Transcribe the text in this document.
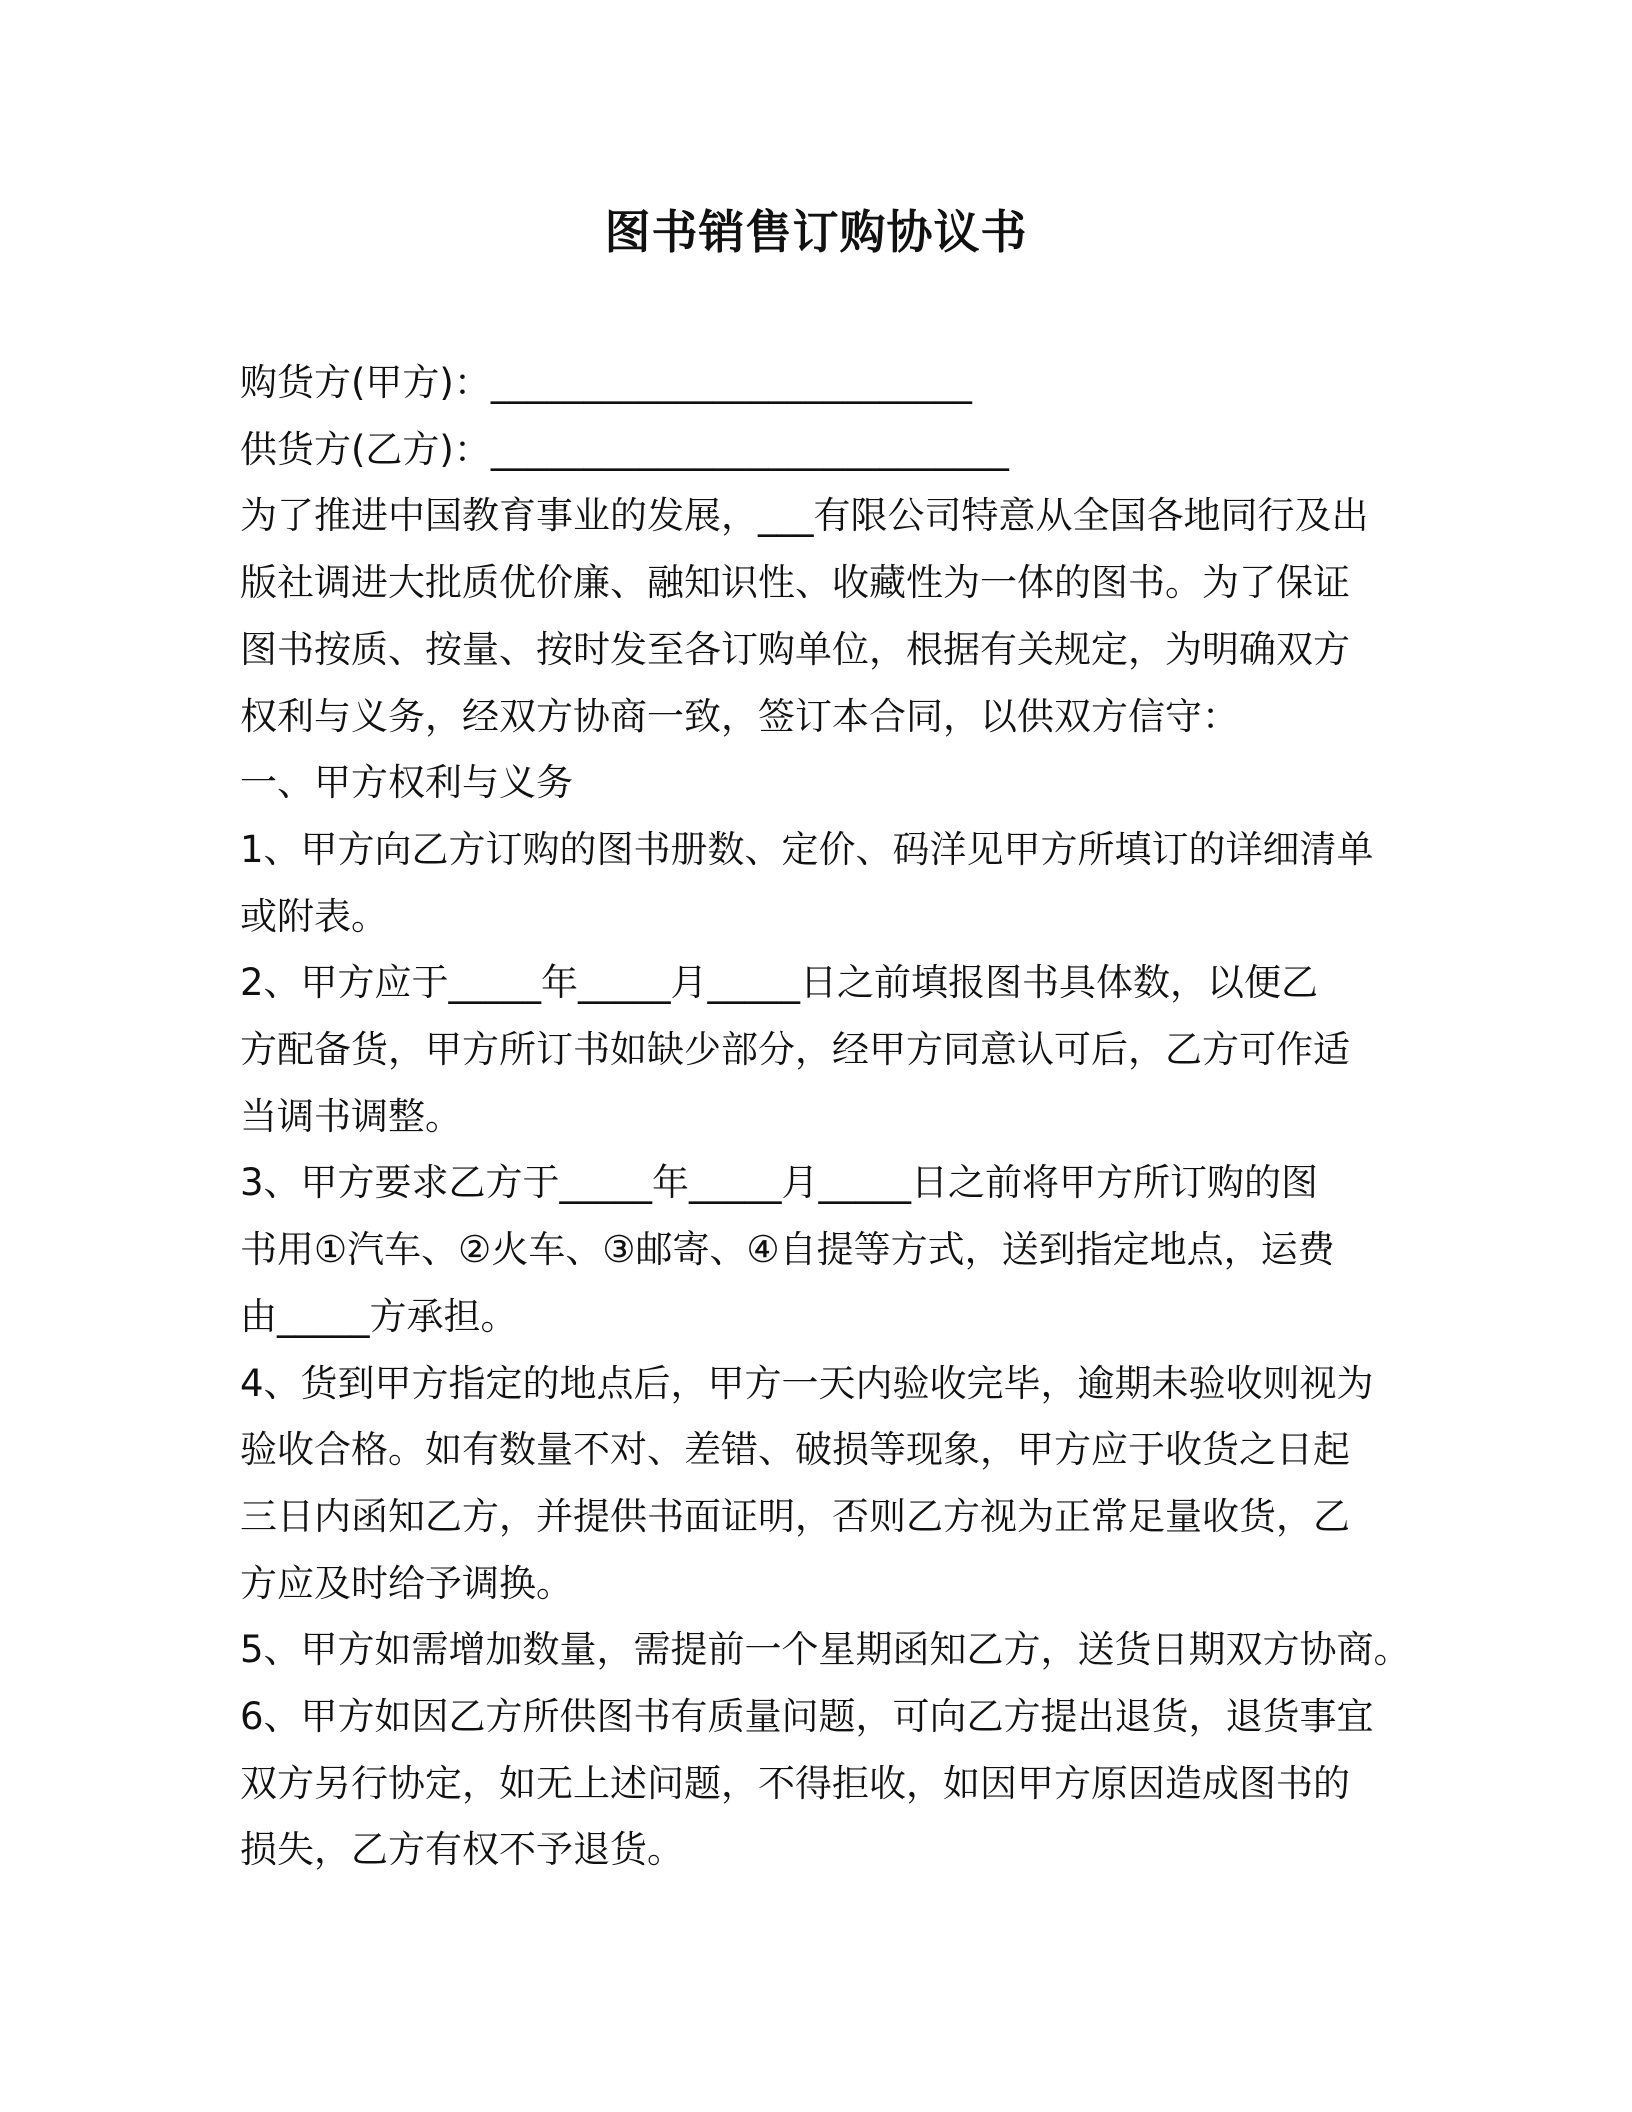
图书销售订购协议书

购货方(甲方)：__________________________

供货方(乙方)：____________________________

为了推进中国教育事业的发展，___有限公司特意从全国各地同行及出

版社调进大批质优价廉、融知识性、收藏性为一体的图书。为了保证

图书按质、按量、按时发至各订购单位，根据有关规定，为明确双方

权利与义务，经双方协商一致，签订本合同，以供双方信守：

一、甲方权利与义务

1、甲方向乙方订购的图书册数、定价、码洋见甲方所填订的详细清单

或附表。

2、甲方应于_____年_____月_____日之前填报图书具体数，以便乙

方配备货，甲方所订书如缺少部分，经甲方同意认可后，乙方可作适

当调书调整。

3、甲方要求乙方于_____年_____月_____日之前将甲方所订购的图

书用①汽车、②火车、③邮寄、④自提等方式，送到指定地点，运费

由_____方承担。

4、货到甲方指定的地点后，甲方一天内验收完毕，逾期未验收则视为

验收合格。如有数量不对、差错、破损等现象，甲方应于收货之日起

三日内函知乙方，并提供书面证明，否则乙方视为正常足量收货，乙

方应及时给予调换。

5、甲方如需增加数量，需提前一个星期函知乙方，送货日期双方协商。

6、甲方如因乙方所供图书有质量问题，可向乙方提出退货，退货事宜

双方另行协定，如无上述问题，不得拒收，如因甲方原因造成图书的

损失，乙方有权不予退货。
